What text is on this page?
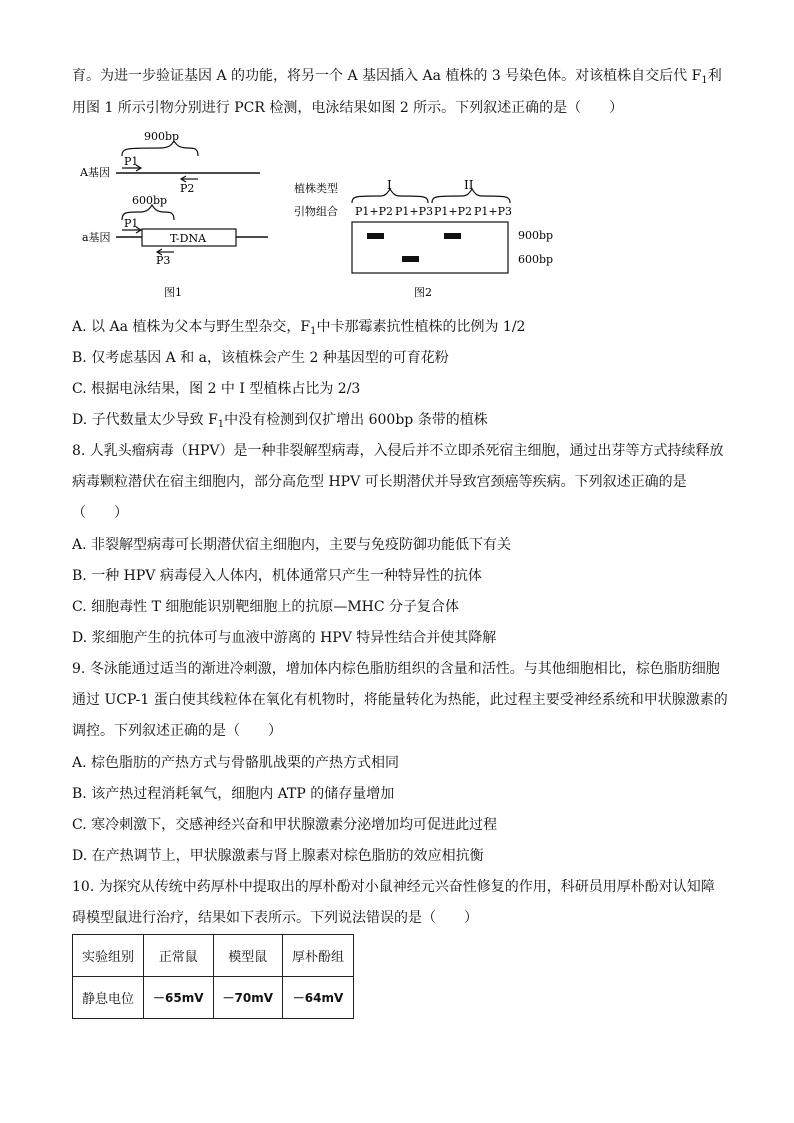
育。为进一步验证基因 A 的功能，将另一个 A 基因插入 Aa 植株的 3 号染色体。对该植株自交后代 $F_1$利
用图 1 所示引物分别进行 PCR 检测，电泳结果如图 2 所示。下列叙述正确的是（　　）
900bp
P1
A基因
P2
600bp
P1
a基因	T-DNA
P3
图1
植株类型	I	II
引物组合 P1+P2 P1+P3 P1+P2 P1+P3
900bp
600bp
图2
A. 以 Aa 植株为父本与野生型杂交，$F_1$中卡那霉素抗性植株的比例为 1/2
B. 仅考虑基因 A 和 a，该植株会产生 2 种基因型的可育花粉
C. 根据电泳结果，图 2 中 I 型植株占比为 2/3
D. 子代数量太少导致 $F_1$中没有检测到仅扩增出 600bp 条带的植株
8. 人乳头瘤病毒（HPV）是一种非裂解型病毒，入侵后并不立即杀死宿主细胞，通过出芽等方式持续释放
病毒颗粒潜伏在宿主细胞内，部分高危型 HPV 可长期潜伏并导致宫颈癌等疾病。下列叙述正确的是
（　　）
A. 非裂解型病毒可长期潜伏宿主细胞内，主要与免疫防御功能低下有关
B. 一种 HPV 病毒侵入人体内，机体通常只产生一种特异性的抗体
C. 细胞毒性 T 细胞能识别靶细胞上的抗原—MHC 分子复合体
D. 浆细胞产生的抗体可与血液中游离的 HPV 特异性结合并使其降解
9. 冬泳能通过适当的渐进冷刺激，增加体内棕色脂肪组织的含量和活性。与其他细胞相比，棕色脂肪细胞
通过 UCP-1 蛋白使其线粒体在氧化有机物时，将能量转化为热能，此过程主要受神经系统和甲状腺激素的
调控。下列叙述正确的是（　　）
A. 棕色脂肪的产热方式与骨骼肌战栗的产热方式相同
B. 该产热过程消耗氧气，细胞内 ATP 的储存量增加
C. 寒冷刺激下，交感神经兴奋和甲状腺激素分泌增加均可促进此过程
D. 在产热调节上，甲状腺激素与肾上腺素对棕色脂肪的效应相抗衡
10. 为探究从传统中药厚朴中提取出的厚朴酚对小鼠神经元兴奋性修复的作用，科研员用厚朴酚对认知障
碍模型鼠进行治疗，结果如下表所示。下列说法错误的是（　　）
实验组别	正常鼠	模型鼠	厚朴酚组
静息电位	－65mV	－70mV	－64mV
